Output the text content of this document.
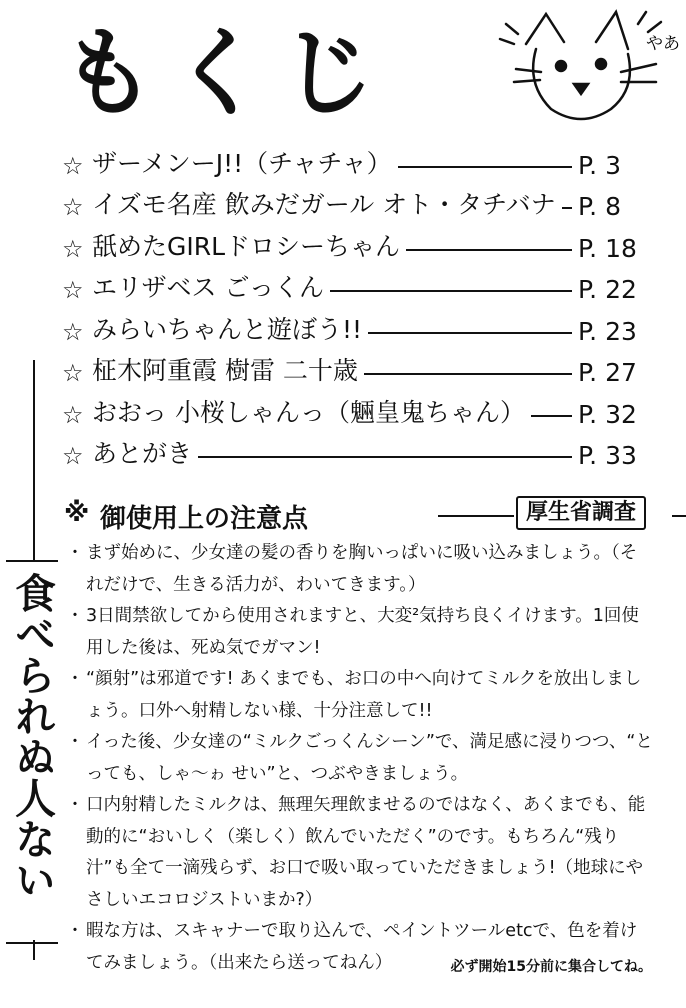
もくじ	やあ
☆ ザーメンーJ!!（チャチャ）	P. 3
☆ イズモ名産 飲みだガール オト・タチバナ P. 8
☆ 舐めたGIRLドロシーちゃん	P. 18
☆ エリザベス ごっくん	P. 22
☆ みらいちゃんと遊ぼう!!	P. 23
☆ 柾木阿重霞 樹雷 二十歳	P. 27
☆ おおっ 小桜しゃんっ（魎皇鬼ちゃん） P. 32
☆ あとがき	P. 33
食べられぬ人ない
※ 御使用上の注意点	厚生省調査
・ まず始めに、少女達の髪の香りを胸いっぱいに吸い込みましょう。（それだけで、生きる活力が、わいてきます。）
・ 3日間禁欲してから使用されますと、大変²気持ち良くイけます。1回使用した後は、死ぬ気でガマン!
・ “顔射”は邪道です! あくまでも、お口の中へ向けてミルクを放出しましょう。口外へ射精しない様、十分注意して!!
・ イった後、少女達の“ミルクごっくんシーン”で、満足感に浸りつつ、“とっても、しゃ～ゎ せい”と、つぶやきましょう。
・ 口内射精したミルクは、無理矢理飲ませるのではなく、あくまでも、能動的に“おいしく（楽しく）飲んでいただく”のです。もちろん“残り汁”も全て一滴残らず、お口で吸い取っていただきましょう!（地球にやさしいエコロジストいまか?）
・ 暇な方は、スキャナーで取り込んで、ペイントツールetcで、色を着けてみましょう。（出来たら送ってねん）	必ず開始15分前に集合してね。
